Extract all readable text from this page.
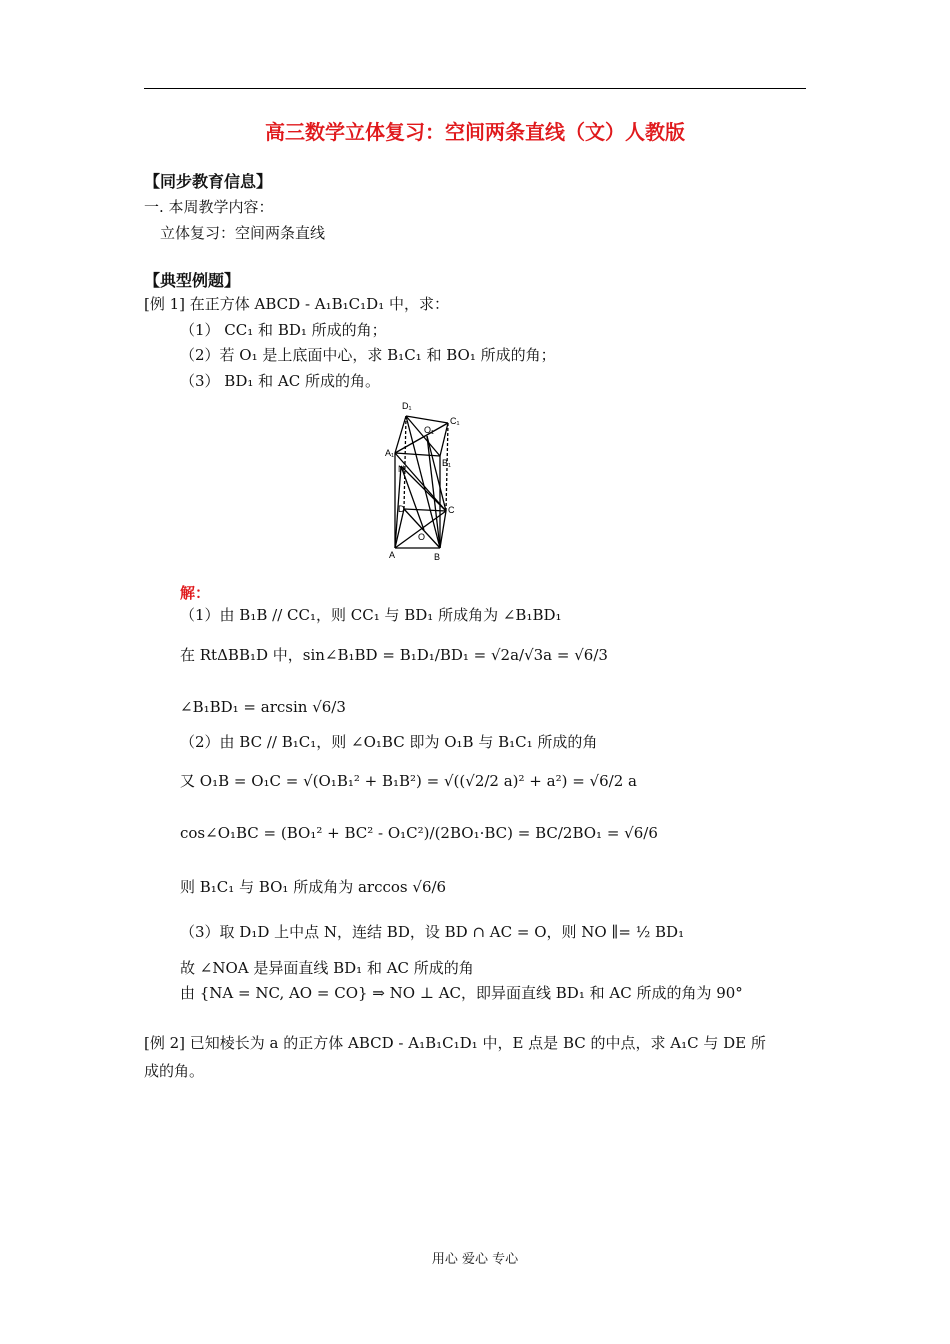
高三数学立体复习：空间两条直线（文）人教版
【同步教育信息】
一. 本周教学内容：
立体复习：空间两条直线
【典型例题】
[例 1] 在正方体 ABCD - A₁B₁C₁D₁ 中，求：
（1） CC₁ 和 BD₁ 所成的角；
（2）若 O₁ 是上底面中心，求 B₁C₁ 和 BO₁ 所成的角；
（3） BD₁ 和 AC 所成的角。
D₁
C₁
O₁
A₁
B₁
N
D	C
O
A	B
解：
（1）由 B₁B // CC₁，则 CC₁ 与 BD₁ 所成角为 ∠B₁BD₁
在 RtΔBB₁D 中，sin∠B₁BD = B₁D₁/BD₁ = √2a/√3a = √6/3
∠B₁BD₁ = arcsin √6/3
（2）由 BC // B₁C₁，则 ∠O₁BC 即为 O₁B 与 B₁C₁ 所成的角
又 O₁B = O₁C = √(O₁B₁² + B₁B²) = √((√2/2 a)² + a²) = √6/2 a
cos∠O₁BC = (BO₁² + BC² - O₁C²)/(2BO₁·BC) = BC/2BO₁ = √6/6
则 B₁C₁ 与 BO₁ 所成角为 arccos √6/6
（3）取 D₁D 上中点 N，连结 BD，设 BD ∩ AC = O，则 NO ∥= ½ BD₁
故 ∠NOA 是异面直线 BD₁ 和 AC 所成的角
由 {NA = NC, AO = CO} ⇒ NO ⊥ AC，即异面直线 BD₁ 和 AC 所成的角为 90°
[例 2] 已知棱长为 a 的正方体 ABCD - A₁B₁C₁D₁ 中，E 点是 BC 的中点，求 A₁C 与 DE 所
成的角。
用心 爱心 专心
